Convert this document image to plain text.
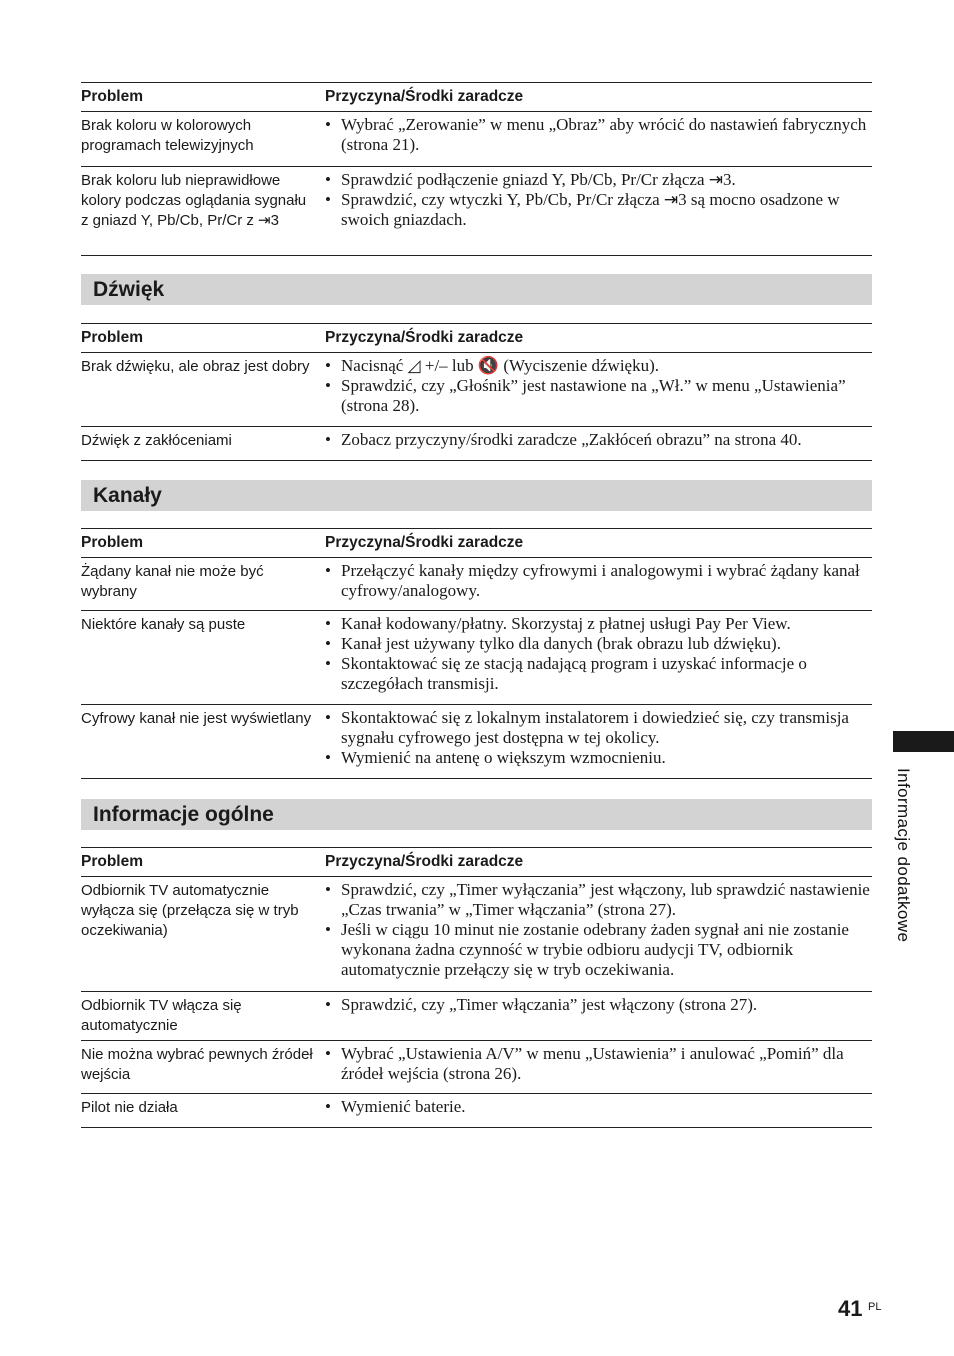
Problem	Przyczyna/Środki zaradcze
Brak koloru w kolorowych programach telewizyjnych
• Wybrać „Zerowanie” w menu „Obraz” aby wrócić do nastawień fabrycznych (strona 21).
Brak koloru lub nieprawidłowe kolory podczas oglądania sygnału z gniazd Y, Pb/Cb, Pr/Cr z ⇥3
• Sprawdzić podłączenie gniazd Y, Pb/Cb, Pr/Cr złącza ⇥3.
• Sprawdzić, czy wtyczki Y, Pb/Cb, Pr/Cr złącza ⇥3 są mocno osadzone w swoich gniazdach.
Dźwięk
Problem	Przyczyna/Środki zaradcze
Brak dźwięku, ale obraz jest dobry	• Nacisnąć ◿ +/– lub 🔇 (Wyciszenie dźwięku).
• Sprawdzić, czy „Głośnik” jest nastawione na „Wł.” w menu „Ustawienia” (strona 28).
Dźwięk z zakłóceniami	• Zobacz przyczyny/środki zaradcze „Zakłóceń obrazu” na strona 40.
Kanały
Problem	Przyczyna/Środki zaradcze
Żądany kanał nie może być wybrany
• Przełączyć kanały między cyfrowymi i analogowymi i wybrać żądany kanał cyfrowy/analogowy.
Niektóre kanały są puste	• Kanał kodowany/płatny. Skorzystaj z płatnej usługi Pay Per View.
• Kanał jest używany tylko dla danych (brak obrazu lub dźwięku).
• Skontaktować się ze stacją nadającą program i uzyskać informacje o szczegółach transmisji.
Cyfrowy kanał nie jest wyświetlany	• Skontaktować się z lokalnym instalatorem i dowiedzieć się, czy transmisja sygnału cyfrowego jest dostępna w tej okolicy.
• Wymienić na antenę o większym wzmocnieniu.
Informacje ogólne
Problem	Przyczyna/Środki zaradcze
Odbiornik TV automatycznie wyłącza się (przełącza się w tryb oczekiwania)
• Sprawdzić, czy „Timer wyłączania” jest włączony, lub sprawdzić nastawienie „Czas trwania” w „Timer włączania” (strona 27).
• Jeśli w ciągu 10 minut nie zostanie odebrany żaden sygnał ani nie zostanie wykonana żadna czynność w trybie odbioru audycji TV, odbiornik automatycznie przełączy się w tryb oczekiwania.
Odbiornik TV włącza się automatycznie
• Sprawdzić, czy „Timer włączania” jest włączony (strona 27).
Nie można wybrać pewnych źródeł wejścia
• Wybrać „Ustawienia A/V” w menu „Ustawienia” i anulować „Pomiń” dla źródeł wejścia (strona 26).
Pilot nie działa	• Wymienić baterie.
Informacje dodatkowe
41 PL
